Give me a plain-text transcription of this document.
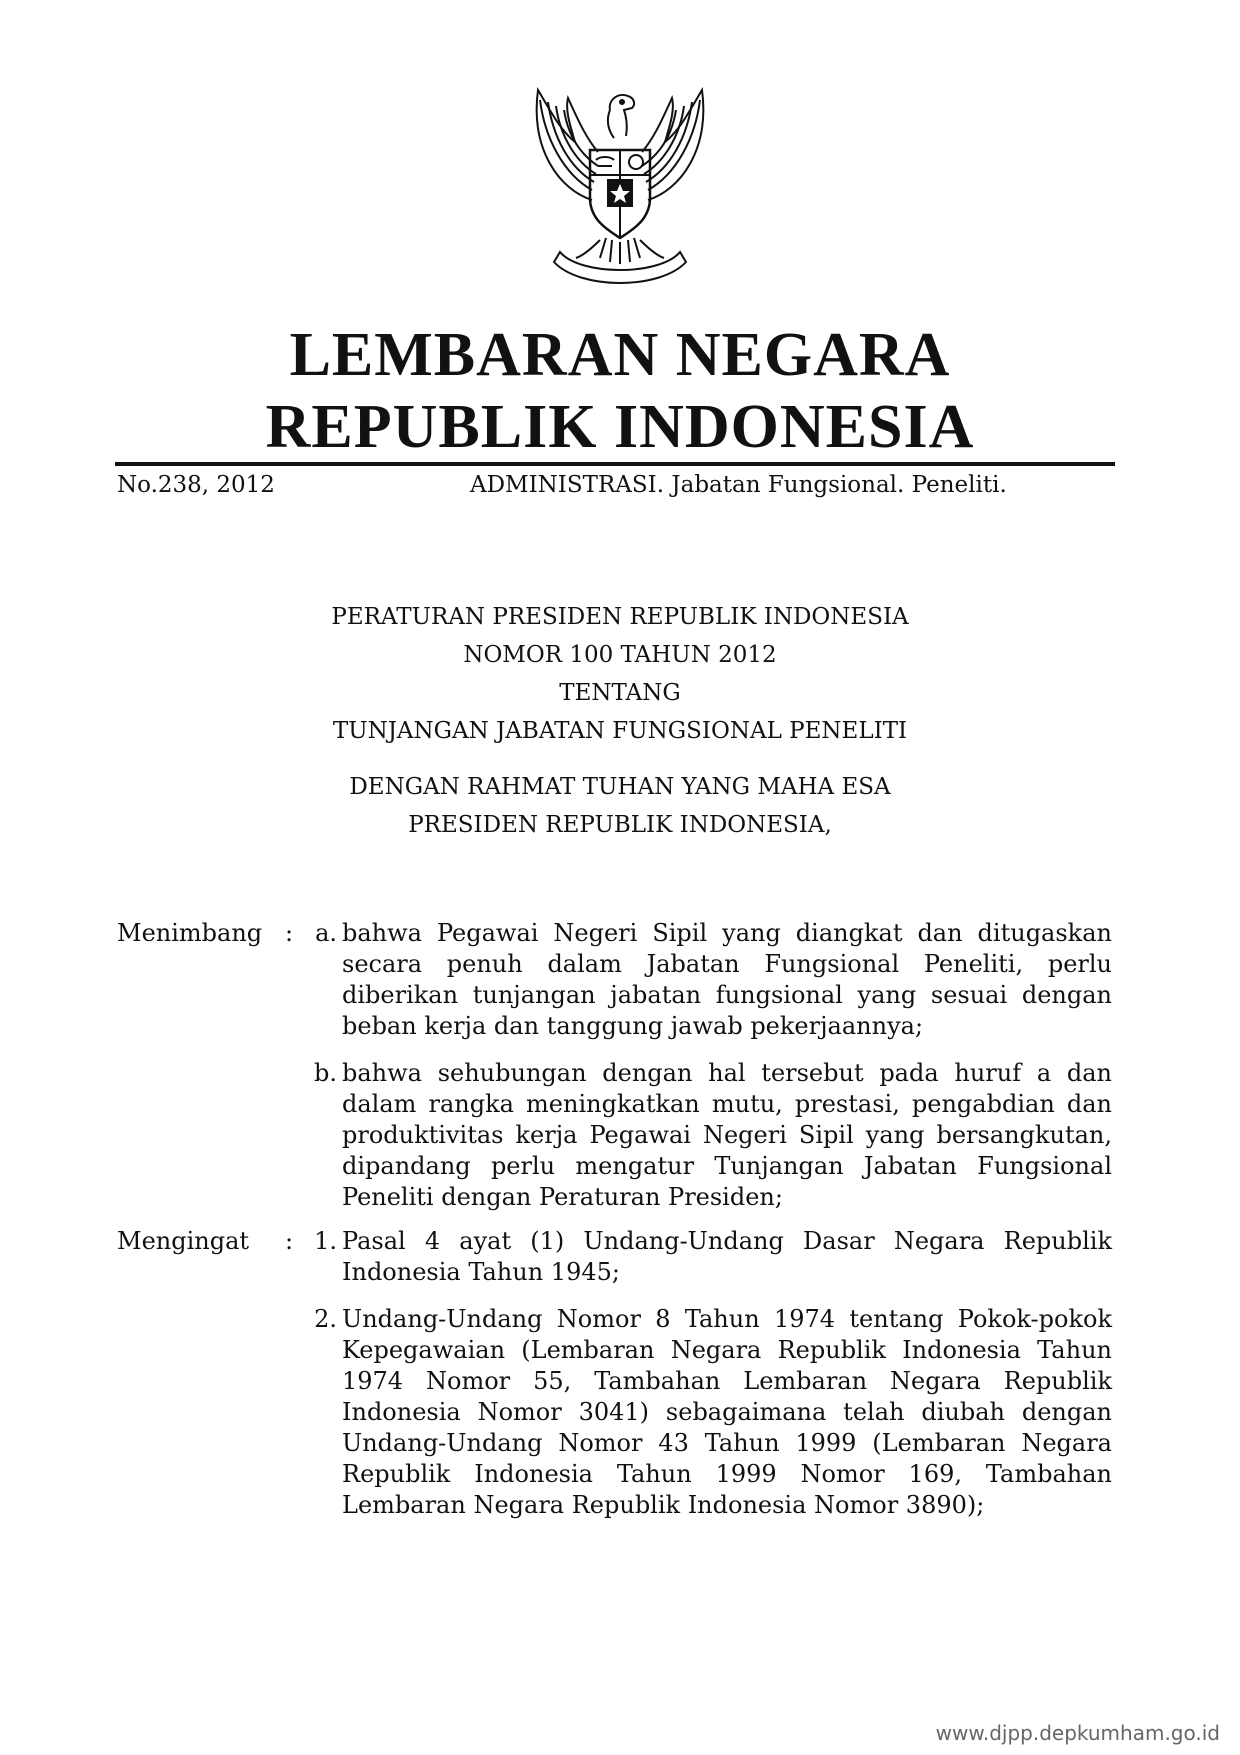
LEMBARAN NEGARA
REPUBLIK INDONESIA
No.238, 2012	ADMINISTRASI. Jabatan Fungsional. Peneliti.
PERATURAN PRESIDEN REPUBLIK INDONESIA
NOMOR 100 TAHUN 2012
TENTANG
TUNJANGAN JABATAN FUNGSIONAL PENELITI
DENGAN RAHMAT TUHAN YANG MAHA ESA
PRESIDEN REPUBLIK INDONESIA,
Menimbang : a. bahwa Pegawai Negeri Sipil yang diangkat dan ditugaskan secara penuh dalam Jabatan Fungsional Peneliti, perlu diberikan tunjangan jabatan fungsional yang sesuai dengan beban kerja dan tanggung jawab pekerjaannya;
b. bahwa sehubungan dengan hal tersebut pada huruf a dan dalam rangka meningkatkan mutu, prestasi, pengabdian dan produktivitas kerja Pegawai Negeri Sipil yang bersangkutan, dipandang perlu mengatur Tunjangan Jabatan Fungsional Peneliti dengan Peraturan Presiden;
Mengingat : 1. Pasal 4 ayat (1) Undang-Undang Dasar Negara Republik Indonesia Tahun 1945;
2. Undang-Undang Nomor 8 Tahun 1974 tentang Pokok-pokok Kepegawaian (Lembaran Negara Republik Indonesia Tahun 1974 Nomor 55, Tambahan Lembaran Negara Republik Indonesia Nomor 3041) sebagaimana telah diubah dengan Undang-Undang Nomor 43 Tahun 1999 (Lembaran Negara Republik Indonesia Tahun 1999 Nomor 169, Tambahan Lembaran Negara Republik Indonesia Nomor 3890);
www.djpp.depkumham.go.id
